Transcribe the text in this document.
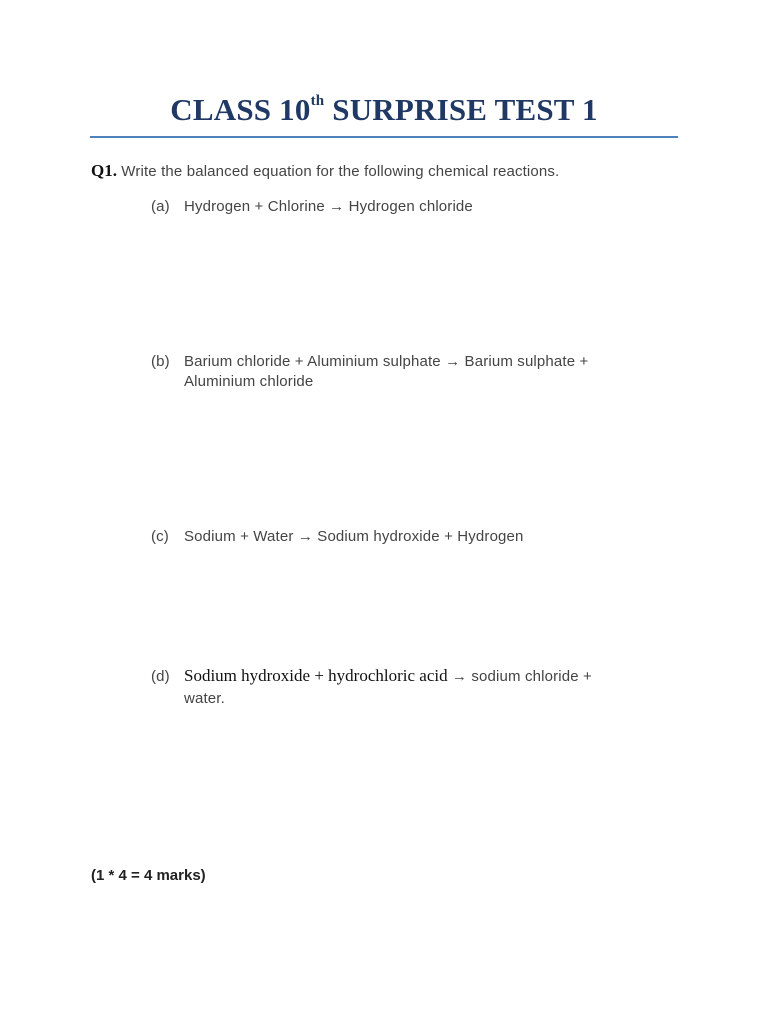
CLASS 10th SURPRISE TEST 1
Q1. Write the balanced equation for the following chemical reactions.
(a) Hydrogen + Chlorine → Hydrogen chloride
(b) Barium chloride + Aluminium sulphate → Barium sulphate +
Aluminium chloride
(c) Sodium + Water → Sodium hydroxide + Hydrogen
(d) Sodium hydroxide + hydrochloric acid → sodium chloride +
water.
(1 * 4 = 4 marks)
